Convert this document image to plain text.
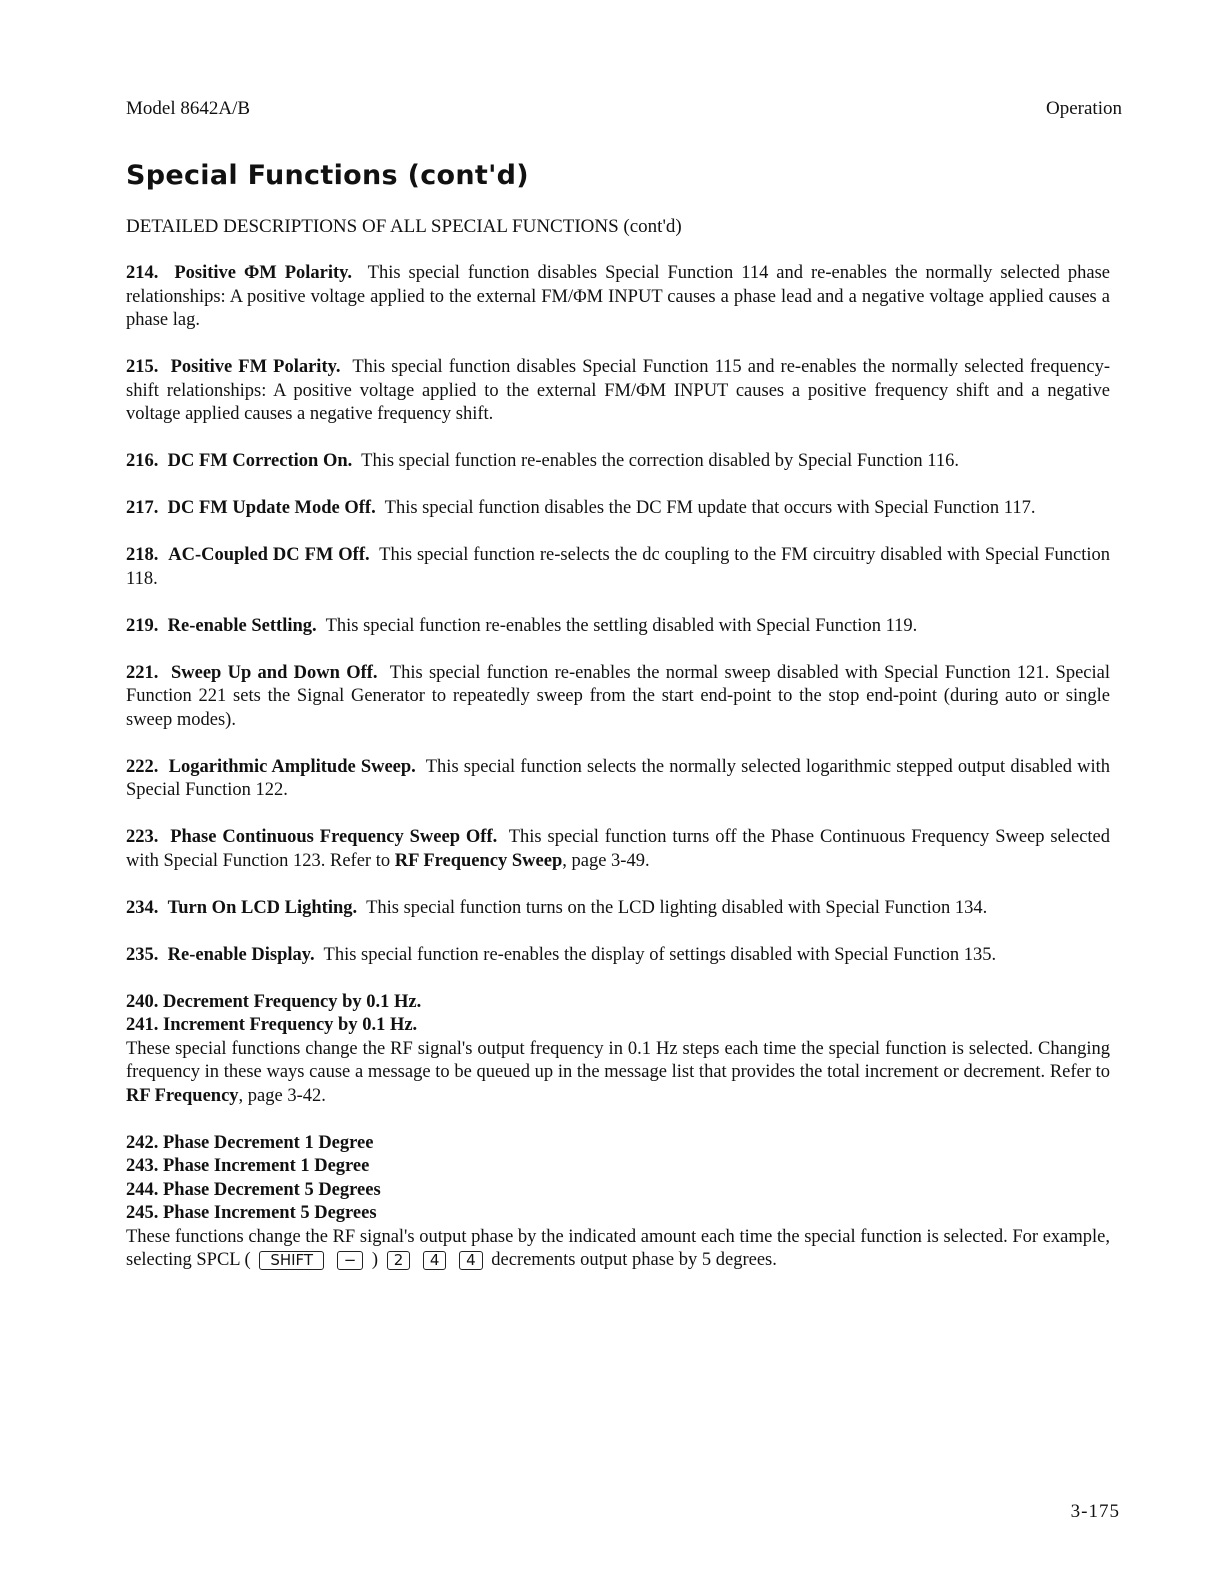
Model 8642A/B	Operation
Special Functions (cont'd)
DETAILED DESCRIPTIONS OF ALL SPECIAL FUNCTIONS (cont'd)

214. Positive ΦM Polarity. This special function disables Special Function 114 and re-enables the normally selected phase relationships: A positive voltage applied to the external FM/ΦM INPUT causes a phase lead and a negative voltage applied causes a phase lag.

215. Positive FM Polarity. This special function disables Special Function 115 and re-enables the normally selected frequency-shift relationships: A positive voltage applied to the external FM/ΦM INPUT causes a positive frequency shift and a negative voltage applied causes a negative frequency shift.

216. DC FM Correction On. This special function re-enables the correction disabled by Special Function 116.

217. DC FM Update Mode Off. This special function disables the DC FM update that occurs with Special Function 117.

218. AC-Coupled DC FM Off. This special function re-selects the dc coupling to the FM circuitry disabled with Special Function 118.

219. Re-enable Settling. This special function re-enables the settling disabled with Special Function 119.

221. Sweep Up and Down Off. This special function re-enables the normal sweep disabled with Special Function 121. Special Function 221 sets the Signal Generator to repeatedly sweep from the start end-point to the stop end-point (during auto or single sweep modes).

222. Logarithmic Amplitude Sweep. This special function selects the normally selected logarithmic stepped output disabled with Special Function 122.

223. Phase Continuous Frequency Sweep Off. This special function turns off the Phase Continuous Frequency Sweep selected with Special Function 123. Refer to RF Frequency Sweep, page 3-49.

234. Turn On LCD Lighting. This special function turns on the LCD lighting disabled with Special Function 134.

235. Re-enable Display. This special function re-enables the display of settings disabled with Special Function 135.

240. Decrement Frequency by 0.1 Hz.
241. Increment Frequency by 0.1 Hz.

These special functions change the RF signal's output frequency in 0.1 Hz steps each time the special function is selected. Changing frequency in these ways cause a message to be queued up in the message list that provides the total increment or decrement. Refer to RF Frequency, page 3-42.

242. Phase Decrement 1 Degree
243. Phase Increment 1 Degree
244. Phase Decrement 5 Degrees
245. Phase Increment 5 Degrees

These functions change the RF signal's output phase by the indicated amount each time the special function is selected. For example, selecting SPCL ( SHIFT − ) 2 4 4 decrements output phase by 5 degrees.

3-175
